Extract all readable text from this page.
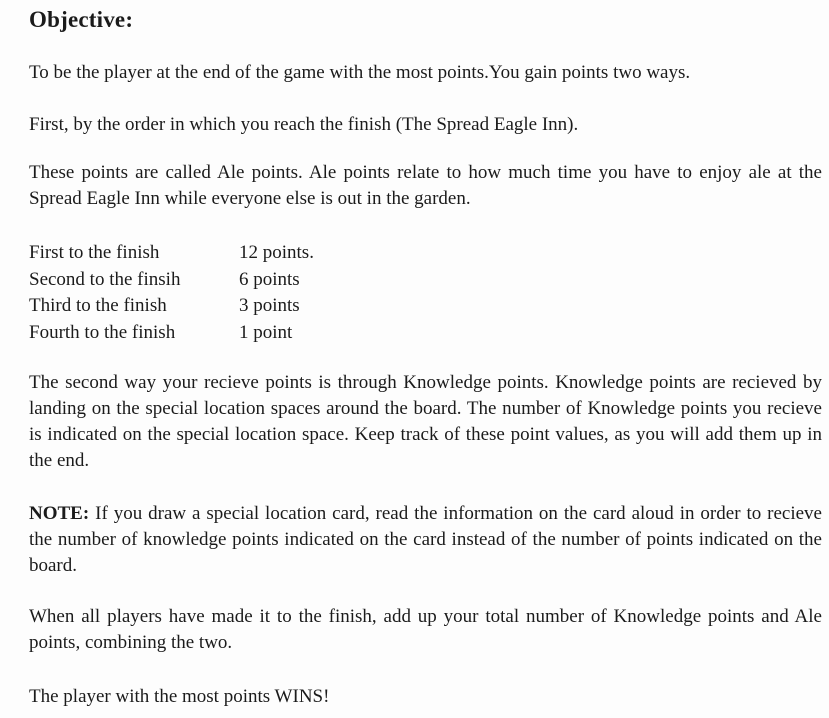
Objective:

To be the player at the end of the game with the most points.You gain points two ways.

First, by the order in which you reach the finish (The Spread Eagle Inn).

These points are called Ale points. Ale points relate to how much time you have to enjoy ale at the Spread Eagle Inn while everyone else is out in the garden.

First to the finish	12 points.
Second to the finsih	6 points
Third to the finish	3 points
Fourth to the finish	1 point

The second way your recieve points is through Knowledge points. Knowledge points are recieved by landing on the special location spaces around the board. The number of Knowledge points you recieve is indicated on the special location space. Keep track of these point values, as you will add them up in the end.

NOTE: If you draw a special location card, read the information on the card aloud in order to recieve the number of knowledge points indicated on the card instead of the number of points indicated on the board.

When all players have made it to the finish, add up your total number of Knowledge points and Ale points, combining the two.

The player with the most points WINS!
